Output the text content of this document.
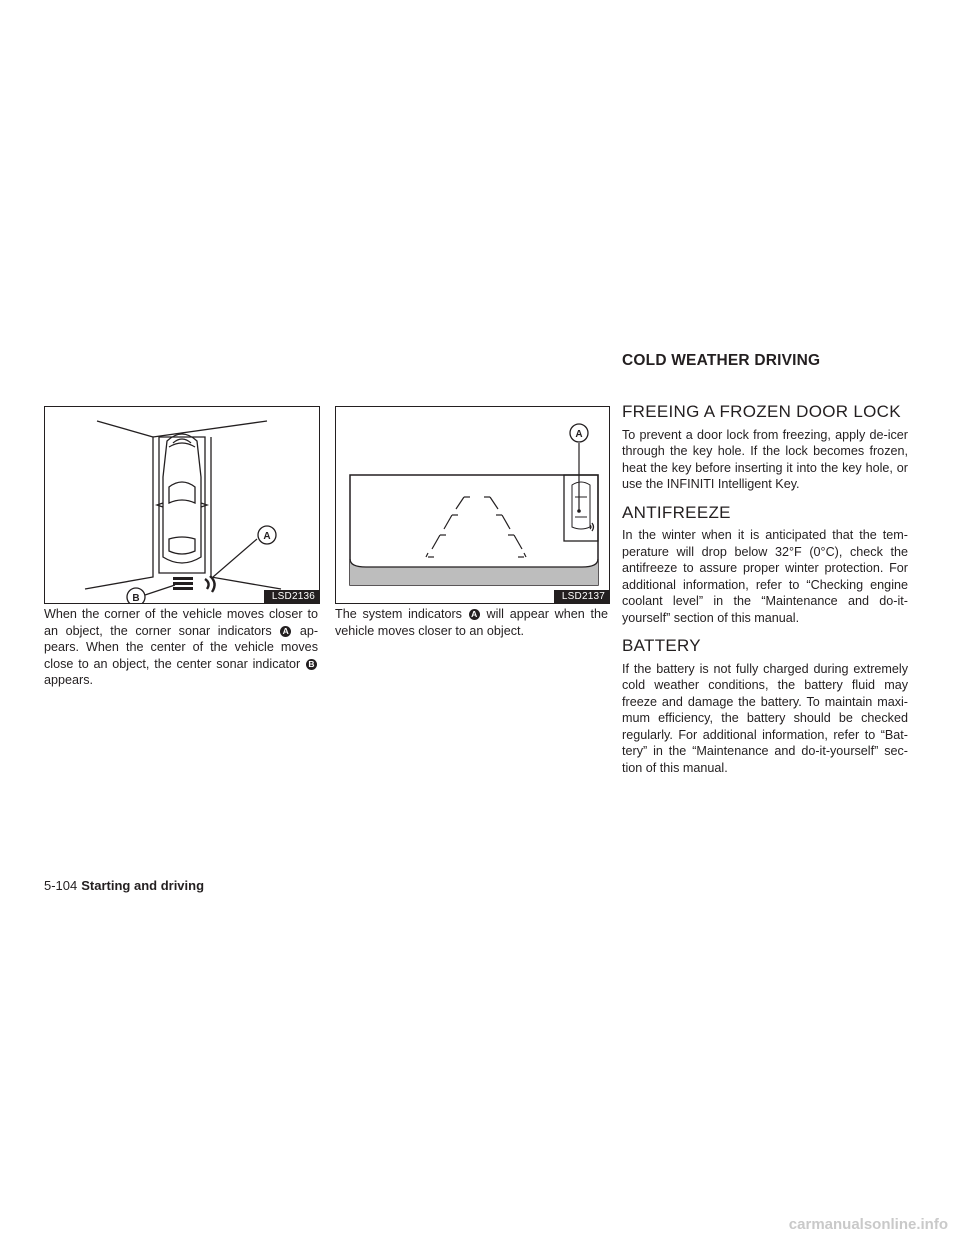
COLD WEATHER DRIVING
A
B	LSD2136
A
LSD2137

When the corner of the vehicle moves closer to an object, the corner sonar indicators A ap-pears. When the center of the vehicle moves close to an object, the center sonar indicator B appears.

The system indicators A will appear when the vehicle moves closer to an object.

FREEING A FROZEN DOOR LOCK

To prevent a door lock from freezing, apply de-icer through the key hole. If the lock becomes frozen, heat the key before inserting it into the key hole, or use the INFINITI Intelligent Key.

ANTIFREEZE

In the winter when it is anticipated that the tem-perature will drop below 32°F (0°C), check the antifreeze to assure proper winter protection. For additional information, refer to “Checking engine coolant level” in the “Maintenance and do-it-yourself” section of this manual.

BATTERY

If the battery is not fully charged during extremely cold weather conditions, the battery fluid may freeze and damage the battery. To maintain maxi-mum efficiency, the battery should be checked regularly. For additional information, refer to “Bat-tery” in the “Maintenance and do-it-yourself” sec-tion of this manual.

5-104 Starting and driving
carmanualsonline.info
